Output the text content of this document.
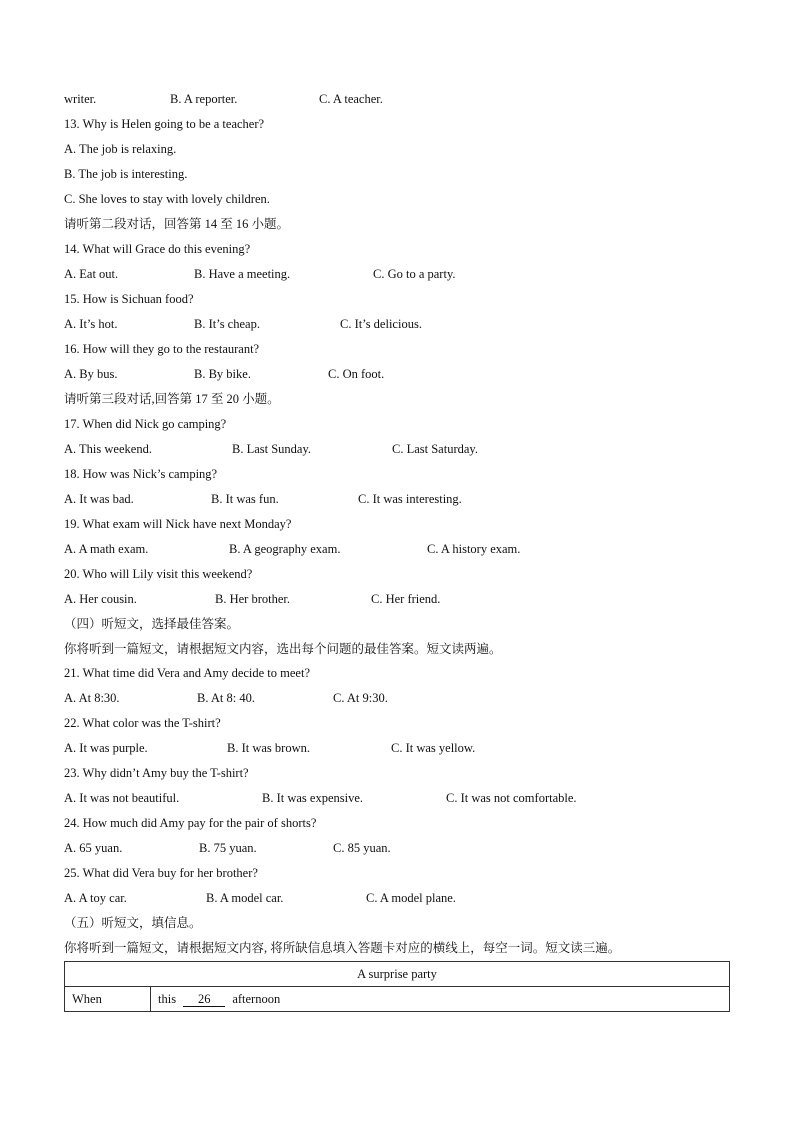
writer.	B. A reporter.	C. A teacher.
13. Why is Helen going to be a teacher?
A. The job is relaxing.
B. The job is interesting.
C. She loves to stay with lovely children.
请听第二段对话，回答第 14 至 16 小题。
14. What will Grace do this evening?
A. Eat out.	B. Have a meeting.	C. Go to a party.
15. How is Sichuan food?
A. It’s hot.	B. It’s cheap.	C. It’s delicious.
16. How will they go to the restaurant?
A. By bus.	B. By bike.	C. On foot.
请听第三段对话,回答第 17 至 20 小题。
17. When did Nick go camping?
A. This weekend.	B. Last Sunday.	C. Last Saturday.
18. How was Nick’s camping?
A. It was bad.	B. It was fun.	C. It was interesting.
19. What exam will Nick have next Monday?
A. A math exam.	B. A geography exam.	C. A history exam.
20. Who will Lily visit this weekend?
A. Her cousin.	B. Her brother.	C. Her friend.
（四）听短文，选择最佳答案。
你将听到一篇短文，请根据短文内容，选出每个问题的最佳答案。短文读两遍。
21. What time did Vera and Amy decide to meet?
A. At 8:30.	B. At 8: 40.	C. At 9:30.
22. What color was the T-shirt?
A. It was purple.	B. It was brown.	C. It was yellow.
23. Why didn’t Amy buy the T-shirt?
A. It was not beautiful.	B. It was expensive.	C. It was not comfortable.
24. How much did Amy pay for the pair of shorts?
A. 65 yuan.	B. 75 yuan.	C. 85 yuan.
25. What did Vera buy for her brother?
A. A toy car.	B. A model car.	C. A model plane.
（五）听短文，填信息。
你将听到一篇短文，请根据短文内容, 将所缺信息填入答题卡对应的横线上，每空一词。短文读三遍。
A surprise party
When	this 26 afternoon
